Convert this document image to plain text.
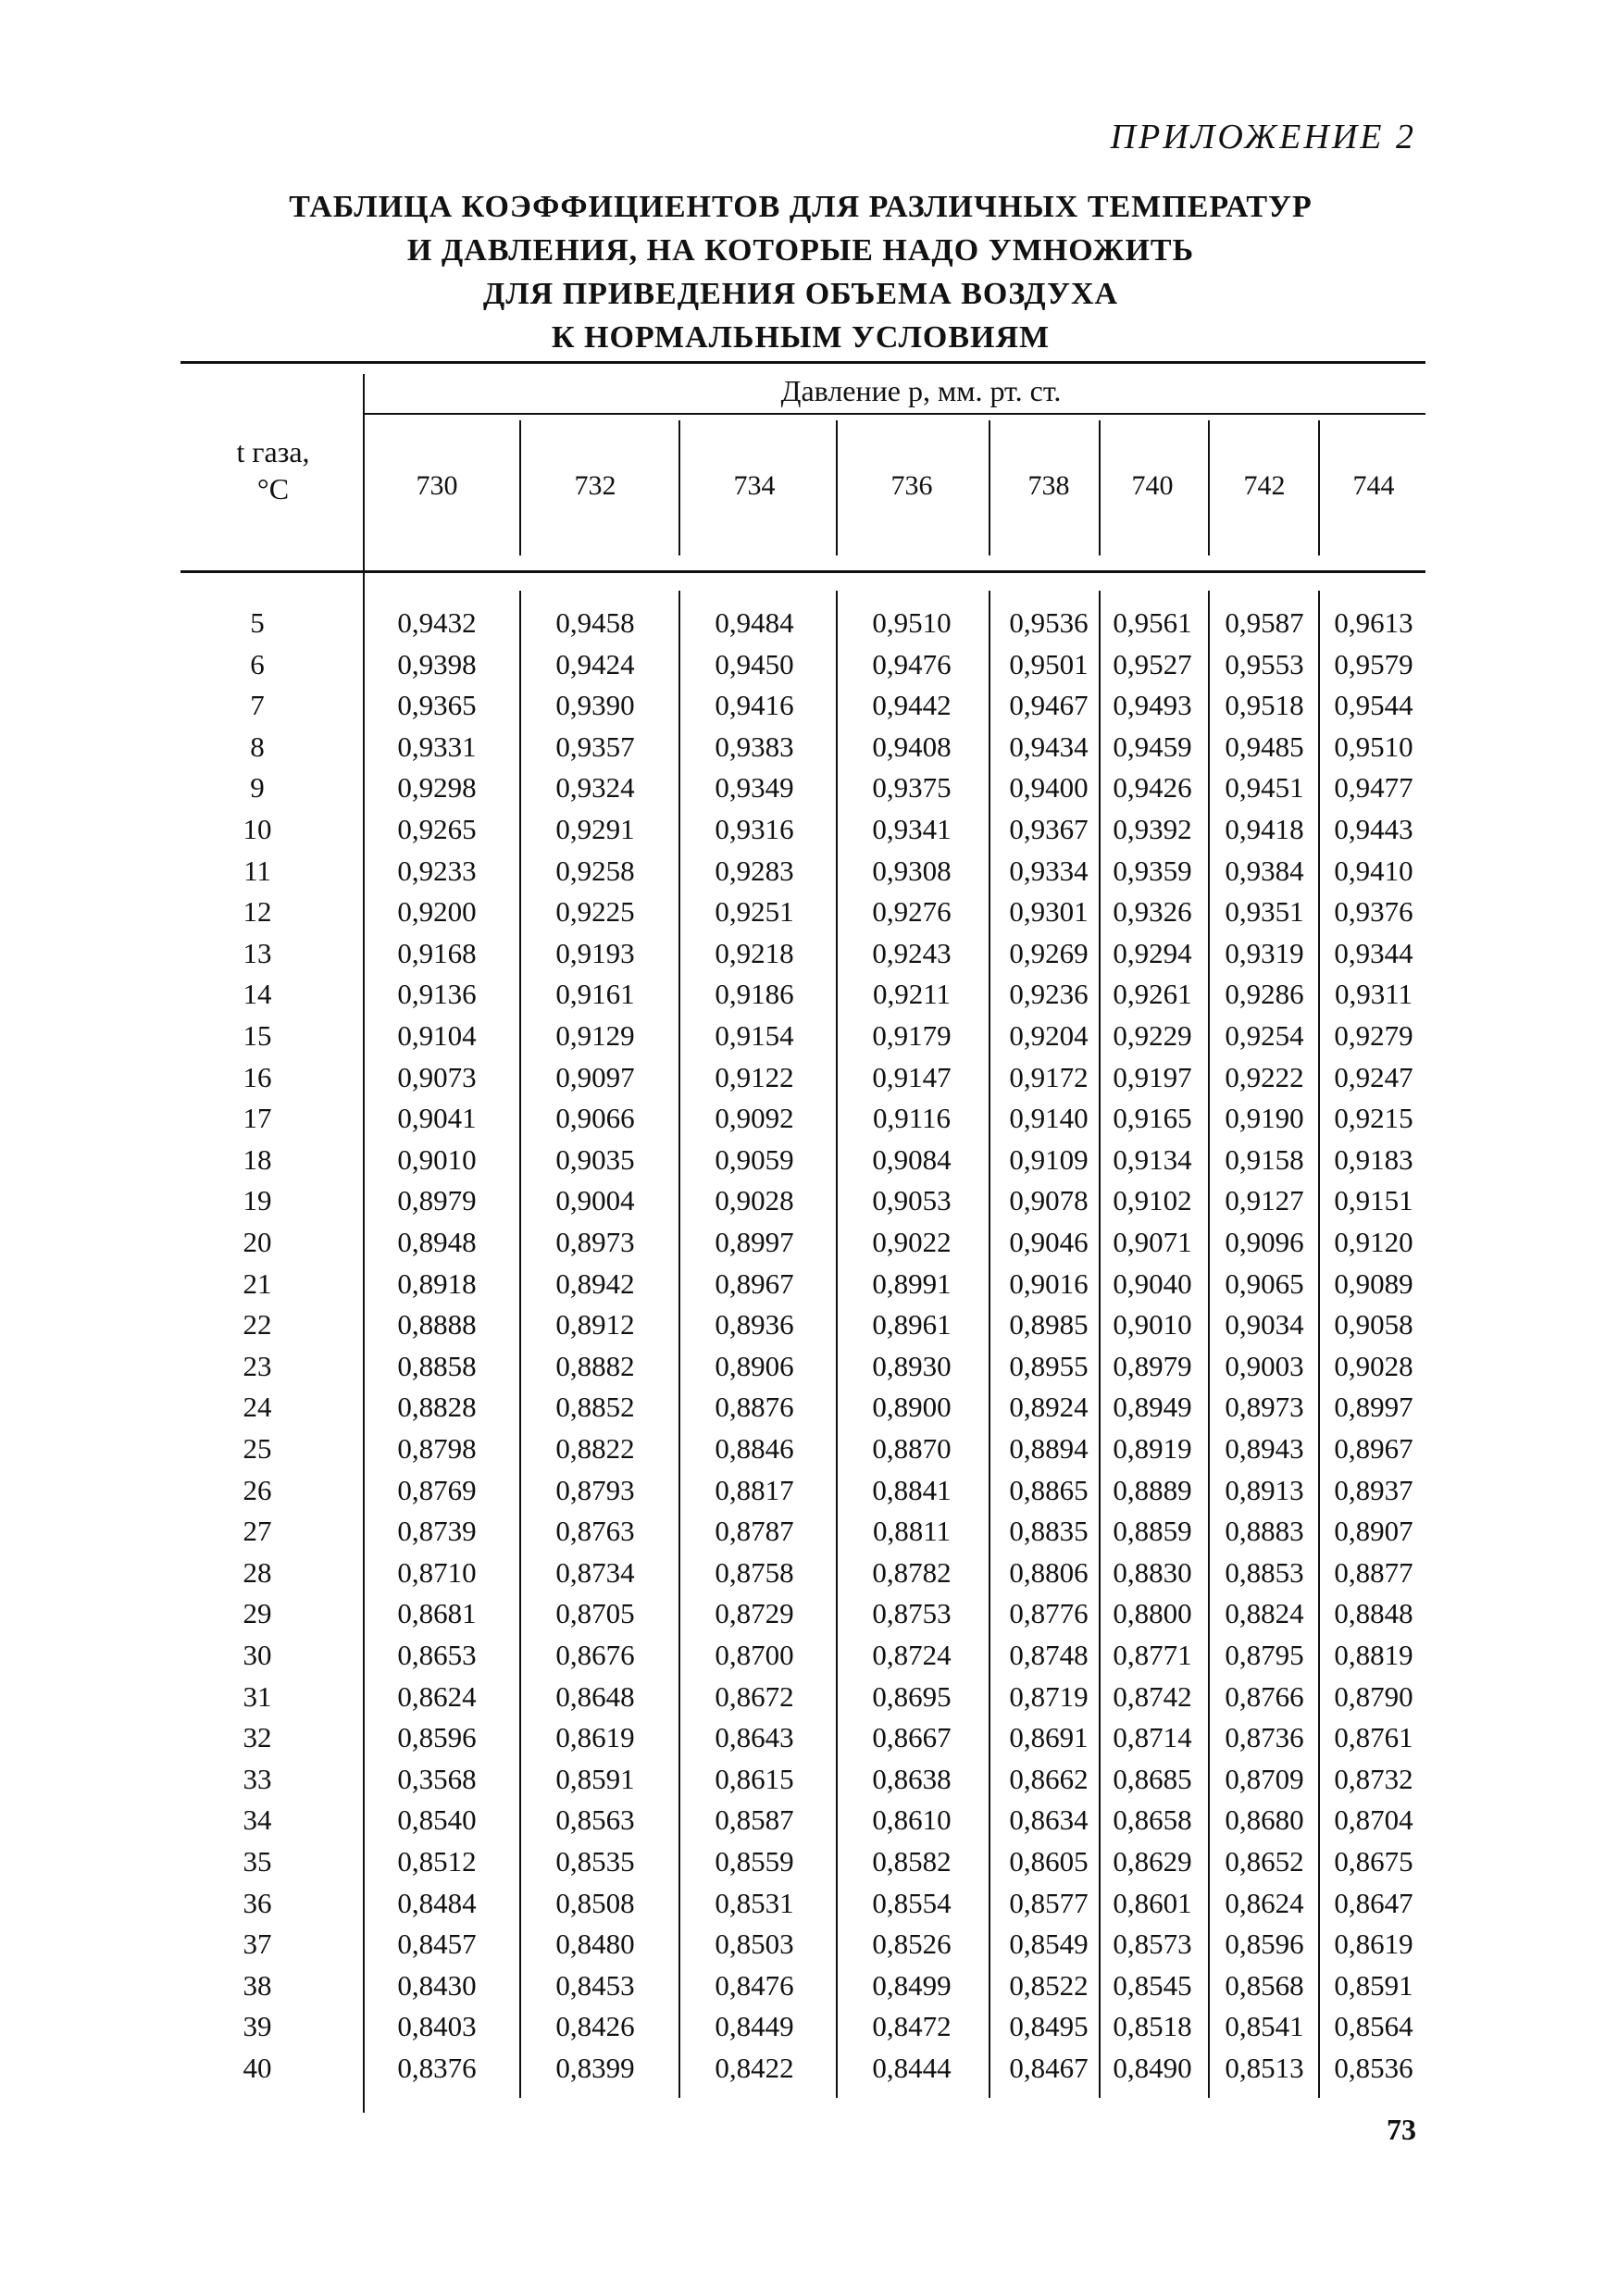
ПРИЛОЖЕНИЕ 2
ТАБЛИЦА КОЭФФИЦИЕНТОВ ДЛЯ РАЗЛИЧНЫХ ТЕМПЕРАТУР
И ДАВЛЕНИЯ, НА КОТОРЫЕ НАДО УМНОЖИТЬ
ДЛЯ ПРИВЕДЕНИЯ ОБЪЕМА ВОЗДУХА
К НОРМАЛЬНЫМ УСЛОВИЯМ
t газа,
°C
Давление p, мм. рт. ст.
730	732	734	736	738	740	742	744
5	0,9432	0,9458	0,9484	0,9510	0,9536 0,9561	0,9587	0,9613
6	0,9398	0,9424	0,9450	0,9476	0,9501 0,9527	0,9553	0,9579
7	0,9365	0,9390	0,9416	0,9442	0,9467 0,9493	0,9518	0,9544
8	0,9331	0,9357	0,9383	0,9408	0,9434 0,9459	0,9485	0,9510
9	0,9298	0,9324	0,9349	0,9375	0,9400 0,9426	0,9451	0,9477
10	0,9265	0,9291	0,9316	0,9341	0,9367 0,9392	0,9418	0,9443
11	0,9233	0,9258	0,9283	0,9308	0,9334 0,9359	0,9384	0,9410
12	0,9200	0,9225	0,9251	0,9276	0,9301 0,9326	0,9351	0,9376
13	0,9168	0,9193	0,9218	0,9243	0,9269 0,9294	0,9319	0,9344
14	0,9136	0,9161	0,9186	0,9211	0,9236 0,9261	0,9286	0,9311
15	0,9104	0,9129	0,9154	0,9179	0,9204 0,9229	0,9254	0,9279
16	0,9073	0,9097	0,9122	0,9147	0,9172 0,9197	0,9222	0,9247
17	0,9041	0,9066	0,9092	0,9116	0,9140 0,9165	0,9190	0,9215
18	0,9010	0,9035	0,9059	0,9084	0,9109 0,9134	0,9158	0,9183
19	0,8979	0,9004	0,9028	0,9053	0,9078 0,9102	0,9127	0,9151
20	0,8948	0,8973	0,8997	0,9022	0,9046 0,9071	0,9096	0,9120
21	0,8918	0,8942	0,8967	0,8991	0,9016 0,9040	0,9065	0,9089
22	0,8888	0,8912	0,8936	0,8961	0,8985 0,9010	0,9034	0,9058
23	0,8858	0,8882	0,8906	0,8930	0,8955 0,8979	0,9003	0,9028
24	0,8828	0,8852	0,8876	0,8900	0,8924 0,8949	0,8973	0,8997
25	0,8798	0,8822	0,8846	0,8870	0,8894 0,8919	0,8943	0,8967
26	0,8769	0,8793	0,8817	0,8841	0,8865 0,8889	0,8913	0,8937
27	0,8739	0,8763	0,8787	0,8811	0,8835 0,8859	0,8883	0,8907
28	0,8710	0,8734	0,8758	0,8782	0,8806 0,8830	0,8853	0,8877
29	0,8681	0,8705	0,8729	0,8753	0,8776 0,8800	0,8824	0,8848
30	0,8653	0,8676	0,8700	0,8724	0,8748 0,8771	0,8795	0,8819
31	0,8624	0,8648	0,8672	0,8695	0,8719 0,8742	0,8766	0,8790
32	0,8596	0,8619	0,8643	0,8667	0,8691 0,8714	0,8736	0,8761
33	0,3568	0,8591	0,8615	0,8638	0,8662 0,8685	0,8709	0,8732
34	0,8540	0,8563	0,8587	0,8610	0,8634 0,8658	0,8680	0,8704
35	0,8512	0,8535	0,8559	0,8582	0,8605 0,8629	0,8652	0,8675
36	0,8484	0,8508	0,8531	0,8554	0,8577 0,8601	0,8624	0,8647
37	0,8457	0,8480	0,8503	0,8526	0,8549 0,8573	0,8596	0,8619
38	0,8430	0,8453	0,8476	0,8499	0,8522 0,8545	0,8568	0,8591
39	0,8403	0,8426	0,8449	0,8472	0,8495 0,8518	0,8541	0,8564
40	0,8376	0,8399	0,8422	0,8444	0,8467 0,8490	0,8513	0,8536
73
